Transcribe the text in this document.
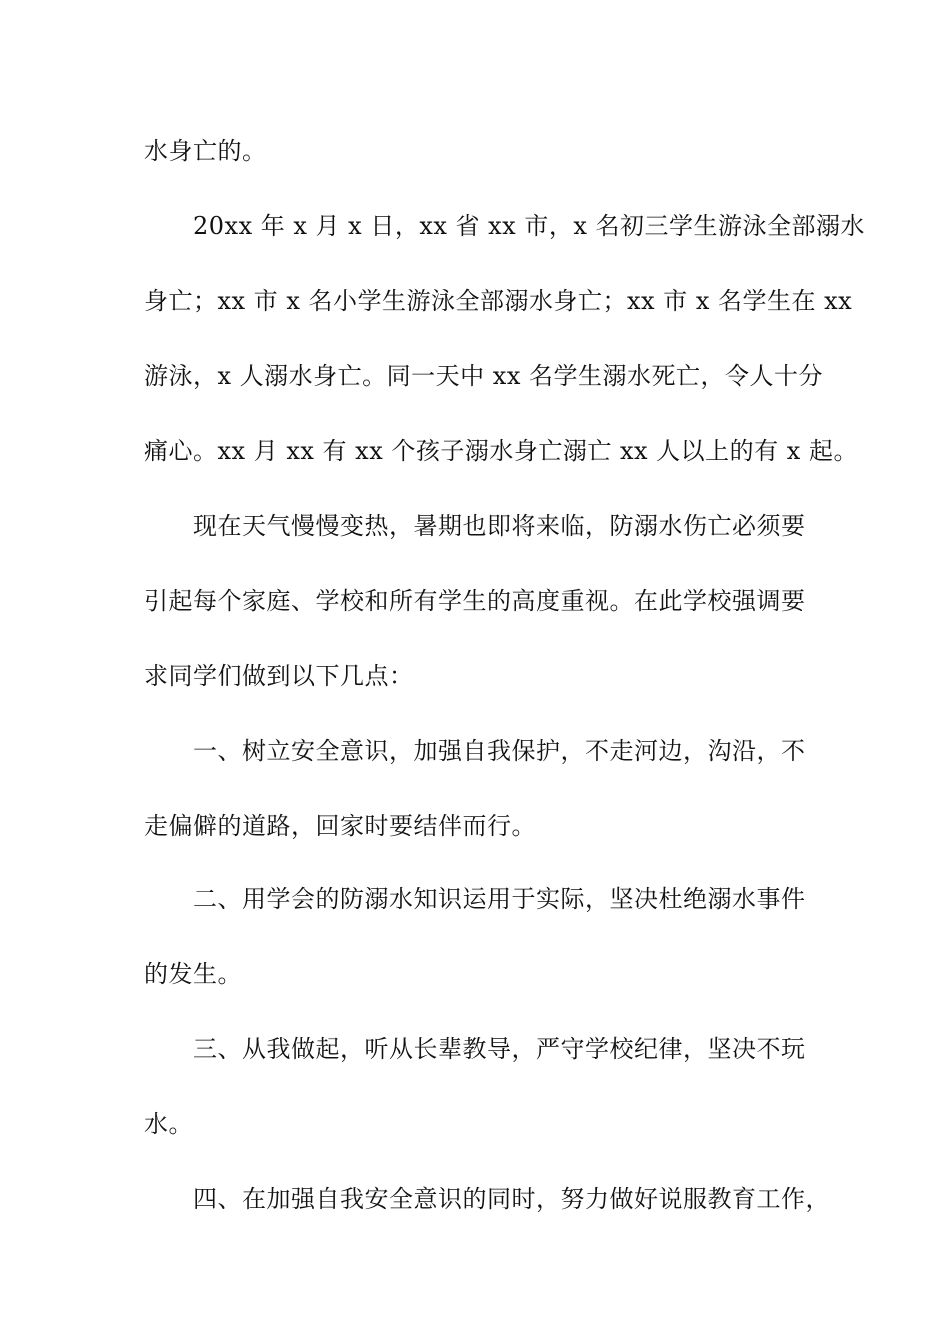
水身亡的。
20xx 年 x 月 x 日，xx 省 xx 市，x 名初三学生游泳全部溺水
身亡；xx 市 x 名小学生游泳全部溺水身亡；xx 市 x 名学生在 xx
游泳，x 人溺水身亡。同一天中 xx 名学生溺水死亡，令人十分
痛心。xx 月 xx 有 xx 个孩子溺水身亡溺亡 xx 人以上的有 x 起。
现在天气慢慢变热，暑期也即将来临，防溺水伤亡必须要
引起每个家庭、学校和所有学生的高度重视。在此学校强调要
求同学们做到以下几点：
一、树立安全意识，加强自我保护，不走河边，沟沿，不
走偏僻的道路，回家时要结伴而行。
二、用学会的防溺水知识运用于实际，坚决杜绝溺水事件
的发生。
三、从我做起，听从长辈教导，严守学校纪律，坚决不玩
水。
四、在加强自我安全意识的同时，努力做好说服教育工作，
